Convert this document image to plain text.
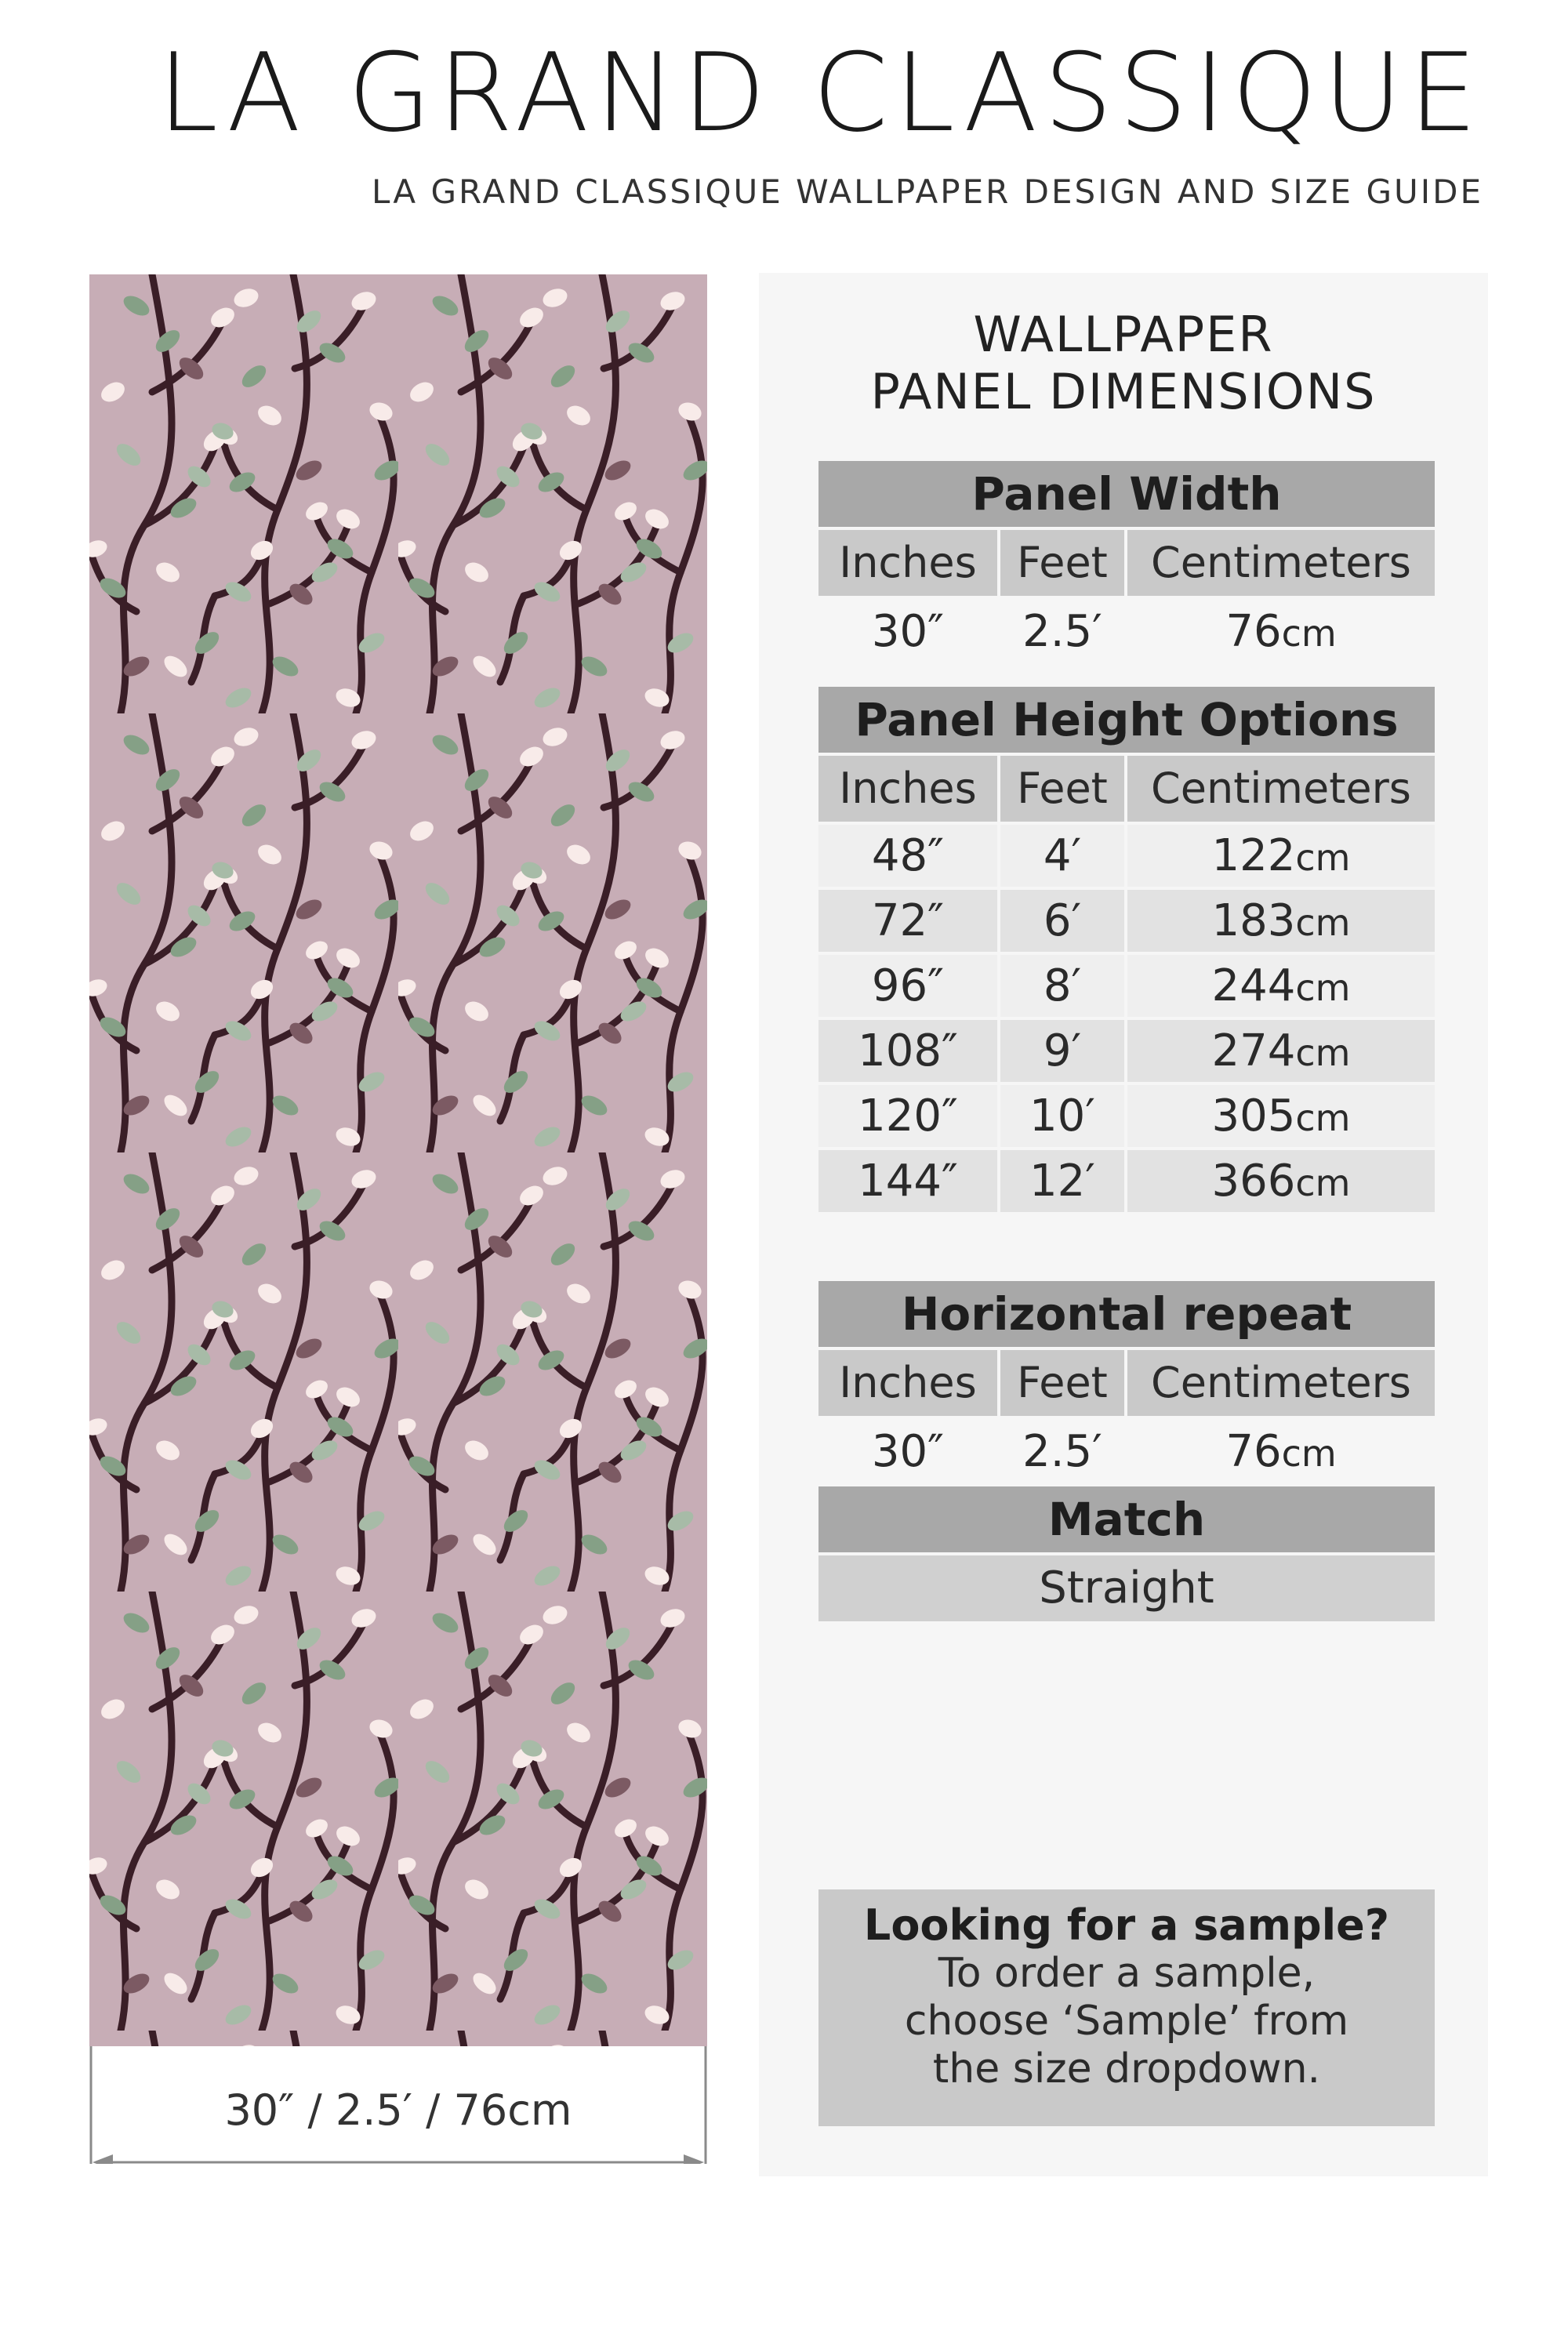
LA GRAND CLASSIQUE
LA GRAND CLASSIQUE WALLPAPER DESIGN AND SIZE GUIDE
30″ / 2.5′ / 76cm
WALLPAPER
PANEL DIMENSIONS
Panel Width
Inches Feet	Centimeters
30″	2.5′	76cm
Panel Height Options
Inches Feet	Centimeters
48″	4′	122cm
72″	6′	183cm
96″	8′	244cm
108″	9′	274cm
120″	10′	305cm
144″	12′	366cm
Horizontal repeat
Inches Feet	Centimeters
30″	2.5′	76cm
Match
Straight
Looking for a sample?
To order a sample,
choose ‘Sample’ from
the size dropdown.
